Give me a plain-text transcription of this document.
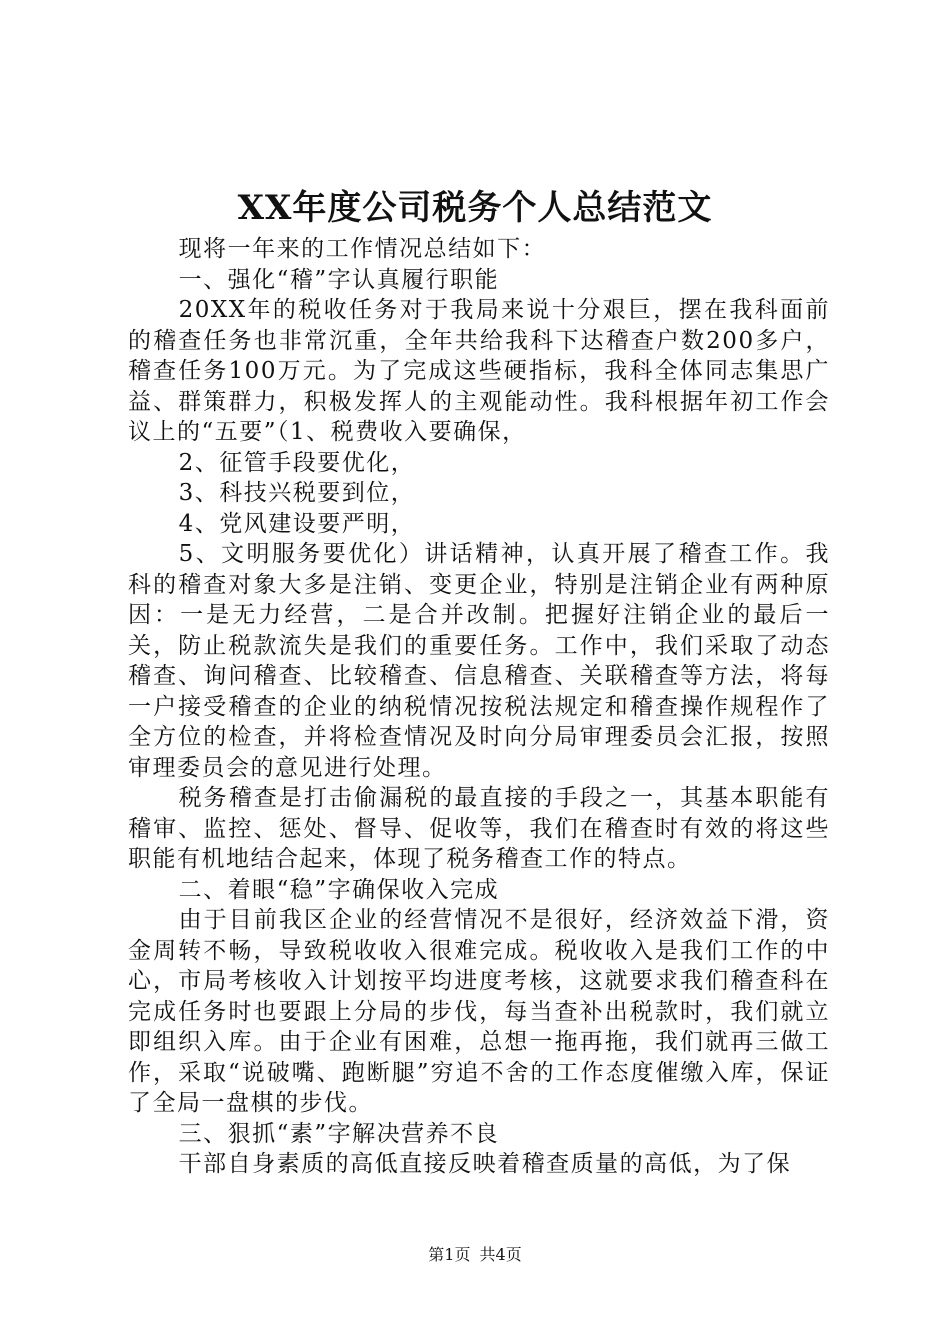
XX年度公司税务个人总结范文

现将一年来的工作情况总结如下：

一、强化“稽”字认真履行职能

20XX年的税收任务对于我局来说十分艰巨，摆在我科面前的稽查任务也非常沉重，全年共给我科下达稽查户数200多户，稽查任务100万元。为了完成这些硬指标，我科全体同志集思广益、群策群力，积极发挥人的主观能动性。我科根据年初工作会议上的“五要”（1、税费收入要确保，

2、征管手段要优化，

3、科技兴税要到位，

4、党风建设要严明，

5、文明服务要优化）讲话精神，认真开展了稽查工作。我科的稽查对象大多是注销、变更企业，特别是注销企业有两种原因：一是无力经营，二是合并改制。把握好注销企业的最后一关，防止税款流失是我们的重要任务。工作中，我们采取了动态稽查、询问稽查、比较稽查、信息稽查、关联稽查等方法，将每一户接受稽查的企业的纳税情况按税法规定和稽查操作规程作了全方位的检查，并将检查情况及时向分局审理委员会汇报，按照审理委员会的意见进行处理。

税务稽查是打击偷漏税的最直接的手段之一，其基本职能有稽审、监控、惩处、督导、促收等，我们在稽查时有效的将这些职能有机地结合起来，体现了税务稽查工作的特点。

二、着眼“稳”字确保收入完成

由于目前我区企业的经营情况不是很好，经济效益下滑，资金周转不畅，导致税收收入很难完成。税收收入是我们工作的中心，市局考核收入计划按平均进度考核，这就要求我们稽查科在完成任务时也要跟上分局的步伐，每当查补出税款时，我们就立即组织入库。由于企业有困难，总想一拖再拖，我们就再三做工作，采取“说破嘴、跑断腿”穷追不舍的工作态度催缴入库，保证了全局一盘棋的步伐。

三、狠抓“素”字解决营养不良

干部自身素质的高低直接反映着稽查质量的高低，为了保

第1页 共4页
